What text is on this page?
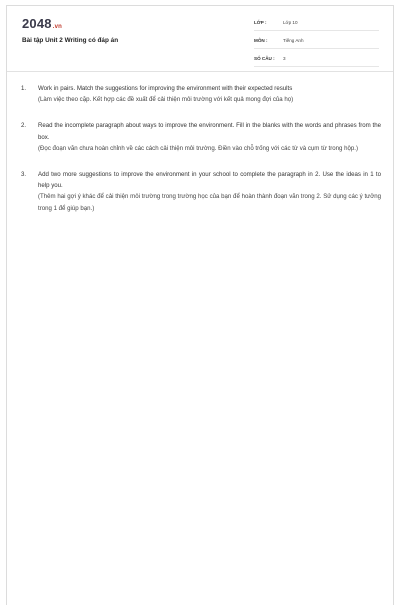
2048.vn
Bài tập Unit 2 Writing có đáp án
LỚP :	Lớp 10
MÔN :	Tiếng Anh
SỐ CÂU : 3
1. Work in pairs. Match the suggestions for improving the environment with their expected results
(Làm việc theo cặp. Kết hợp các đề xuất để cải thiện môi trường với kết quả mong đợi của họ)
2. Read the incomplete paragraph about ways to improve the environment. Fill in the blanks with the words and phrases from the box.
(Đọc đoạn văn chưa hoàn chỉnh về các cách cải thiện môi trường. Điền vào chỗ trống với các từ và cụm từ trong hộp.)
3. Add two more suggestions to improve the environment in your school to complete the paragraph in 2. Use the ideas in 1 to help you.
(Thêm hai gợi ý khác để cải thiện môi trường trong trường học của bạn để hoàn thành đoạn văn trong 2. Sử dụng các ý tưởng trong 1 để giúp bạn.)
